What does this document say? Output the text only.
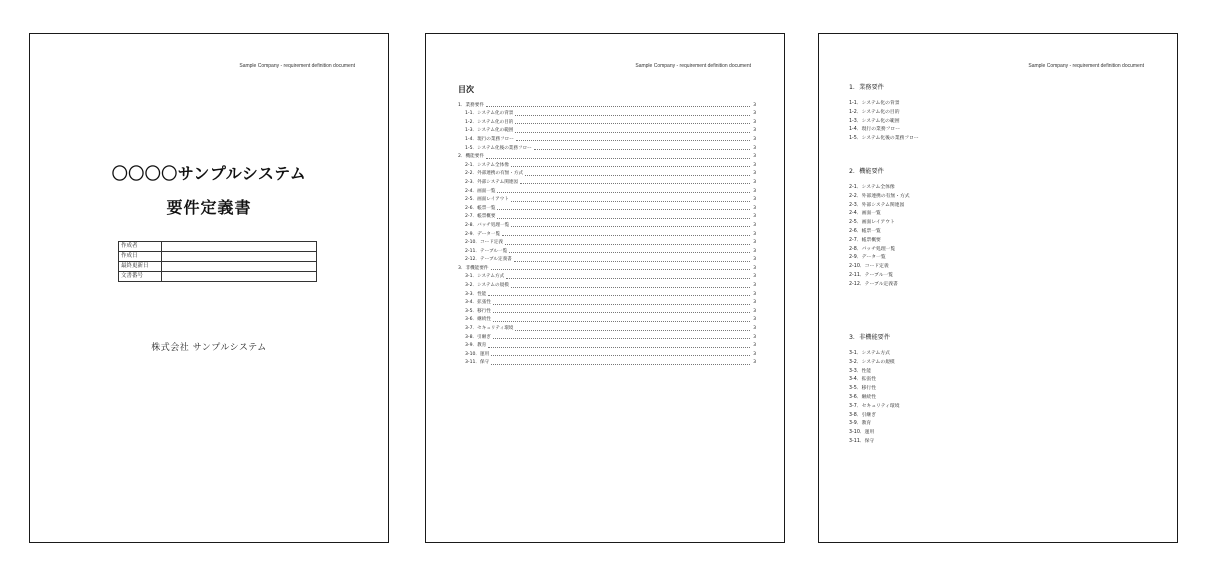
Sample Company - requirement definition document
〇〇〇〇サンプルシステム
要件定義書
作成者	
作成日	
最終更新日	
文書番号	
株式会社 サンプルシステム
Sample Company - requirement definition document
目次
1．業務要件	3
1-1．システム化の背景	3
1-2．システム化の目的	3
1-3．システム化の範囲	3
1-4．現行の業務フロー	3
1-5．システム化後の業務フロー	3
2．機能要件	3
2-1．システム全体像	3
2-2．外部連携の有無・方式	3
2-3．外部システム関連図	3
2-4．画面一覧	3
2-5．画面レイアウト	3
2-6．帳票一覧	3
2-7．帳票概要	3
2-8．バッチ処理一覧	3
2-9．データ一覧	3
2-10．コード定義	3
2-11．テーブル一覧	3
2-12．テーブル定義書	3
3．非機能要件	3
3-1．システム方式	3
3-2．システムの規模	3
3-3．性能	3
3-4．拡張性	3
3-5．移行性	3
3-6．継続性	3
3-7．セキュリティ環境	3
3-8．引継ぎ	3
3-9．教育	3
3-10．運用	3
3-11．保守	3
Sample Company - requirement definition document
1．業務要件
1-1．システム化の背景
1-2．システム化の目的
1-3．システム化の範囲
1-4．現行の業務フロー
1-5．システム化後の業務フロー
2．機能要件
2-1．システム全体像
2-2．外部連携の有無・方式
2-3．外部システム関連図
2-4．画面一覧
2-5．画面レイアウト
2-6．帳票一覧
2-7．帳票概要
2-8．バッチ処理一覧
2-9．データ一覧
2-10．コード定義
2-11．テーブル一覧
2-12．テーブル定義書
3．非機能要件
3-1．システム方式
3-2．システムの規模
3-3．性能
3-4．拡張性
3-5．移行性
3-6．継続性
3-7．セキュリティ環境
3-8．引継ぎ
3-9．教育
3-10．運用
3-11．保守
